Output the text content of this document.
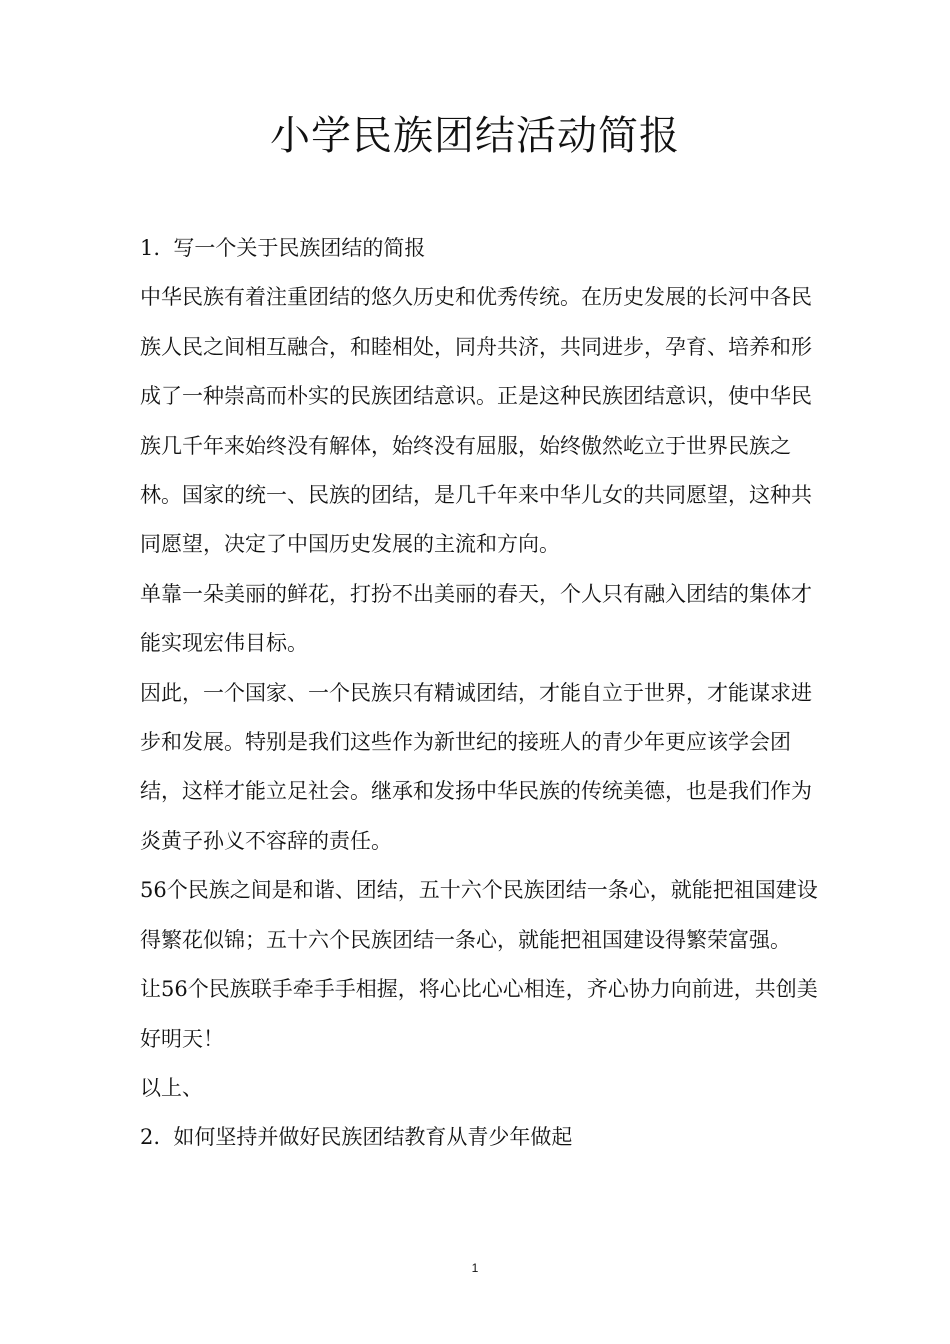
小学民族团结活动简报

1.  写一个关于民族团结的简报

中华民族有着注重团结的悠久历史和优秀传统。在历史发展的长河中各民族人民之间相互融合，和睦相处，同舟共济，共同进步，孕育、培养和形成了一种崇高而朴实的民族团结意识。正是这种民族团结意识，使中华民族几千年来始终没有解体，始终没有屈服，始终傲然屹立于世界民族之林。国家的统一、民族的团结，是几千年来中华儿女的共同愿望，这种共同愿望，决定了中国历史发展的主流和方向。

单靠一朵美丽的鲜花，打扮不出美丽的春天，个人只有融入团结的集体才能实现宏伟目标。

因此，一个国家、一个民族只有精诚团结，才能自立于世界，才能谋求进步和发展。特别是我们这些作为新世纪的接班人的青少年更应该学会团结，这样才能立足社会。继承和发扬中华民族的传统美德，也是我们作为炎黄子孙义不容辞的责任。

56个民族之间是和谐、团结，五十六个民族团结一条心，就能把祖国建设得繁花似锦；五十六个民族团结一条心，就能把祖国建设得繁荣富强。

让56个民族联手牵手手相握，将心比心心相连，齐心协力向前进，共创美好明天！

以上、

2.  如何坚持并做好民族团结教育从青少年做起

1
